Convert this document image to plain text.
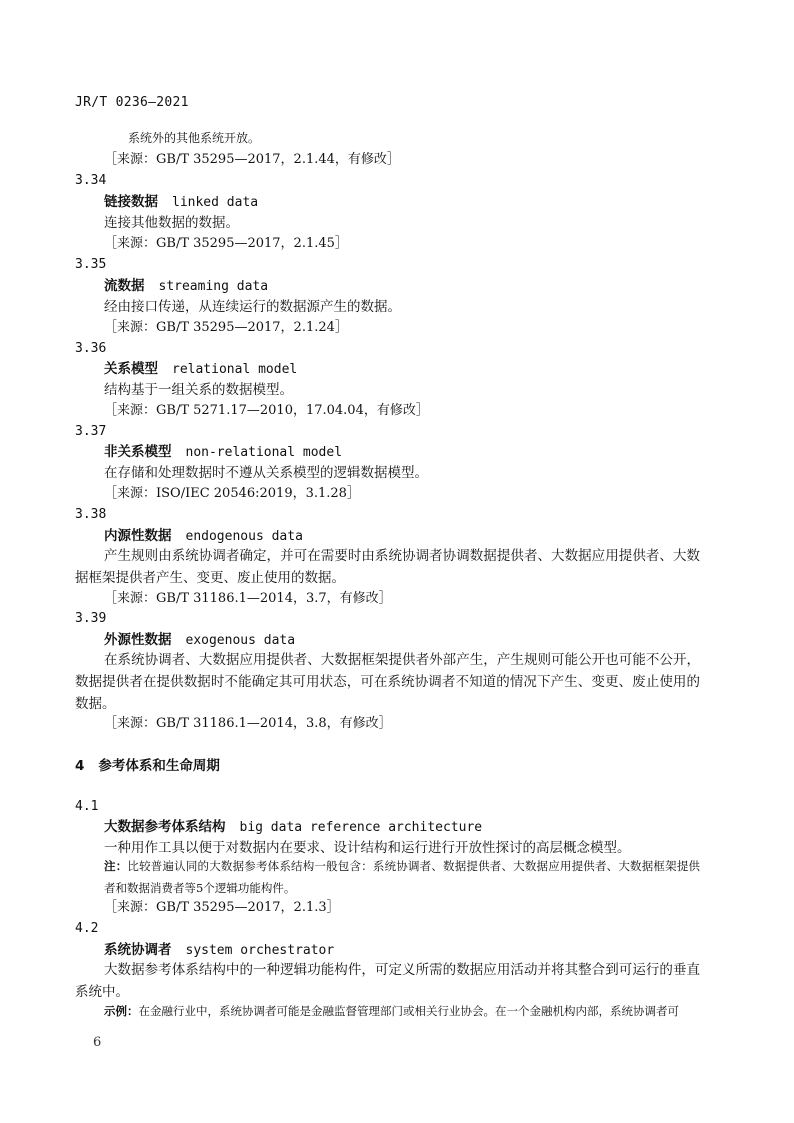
JR/T 0236—2021
系统外的其他系统开放。
［来源：GB/T 35295—2017，2.1.44，有修改］
3.34
链接数据 linked data
连接其他数据的数据。
［来源：GB/T 35295—2017，2.1.45］
3.35
流数据 streaming data
经由接口传递，从连续运行的数据源产生的数据。
［来源：GB/T 35295—2017，2.1.24］
3.36
关系模型 relational model
结构基于一组关系的数据模型。
［来源：GB/T 5271.17—2010，17.04.04，有修改］
3.37
非关系模型 non-relational model
在存储和处理数据时不遵从关系模型的逻辑数据模型。
［来源：ISO/IEC 20546:2019，3.1.28］
3.38
内源性数据 endogenous data
产生规则由系统协调者确定，并可在需要时由系统协调者协调数据提供者、大数据应用提供者、大数据框架提供者产生、变更、废止使用的数据。
［来源：GB/T 31186.1—2014，3.7，有修改］
3.39
外源性数据 exogenous data
在系统协调者、大数据应用提供者、大数据框架提供者外部产生，产生规则可能公开也可能不公开，数据提供者在提供数据时不能确定其可用状态，可在系统协调者不知道的情况下产生、变更、废止使用的数据。
［来源：GB/T 31186.1—2014，3.8，有修改］
4 参考体系和生命周期
4.1
大数据参考体系结构 big data reference architecture
一种用作工具以便于对数据内在要求、设计结构和运行进行开放性探讨的高层概念模型。
注：比较普遍认同的大数据参考体系结构一般包含：系统协调者、数据提供者、大数据应用提供者、大数据框架提供者和数据消费者等5个逻辑功能构件。
［来源：GB/T 35295—2017，2.1.3］
4.2
系统协调者 system orchestrator
大数据参考体系结构中的一种逻辑功能构件，可定义所需的数据应用活动并将其整合到可运行的垂直系统中。
示例：在金融行业中，系统协调者可能是金融监督管理部门或相关行业协会。在一个金融机构内部，系统协调者可
6
